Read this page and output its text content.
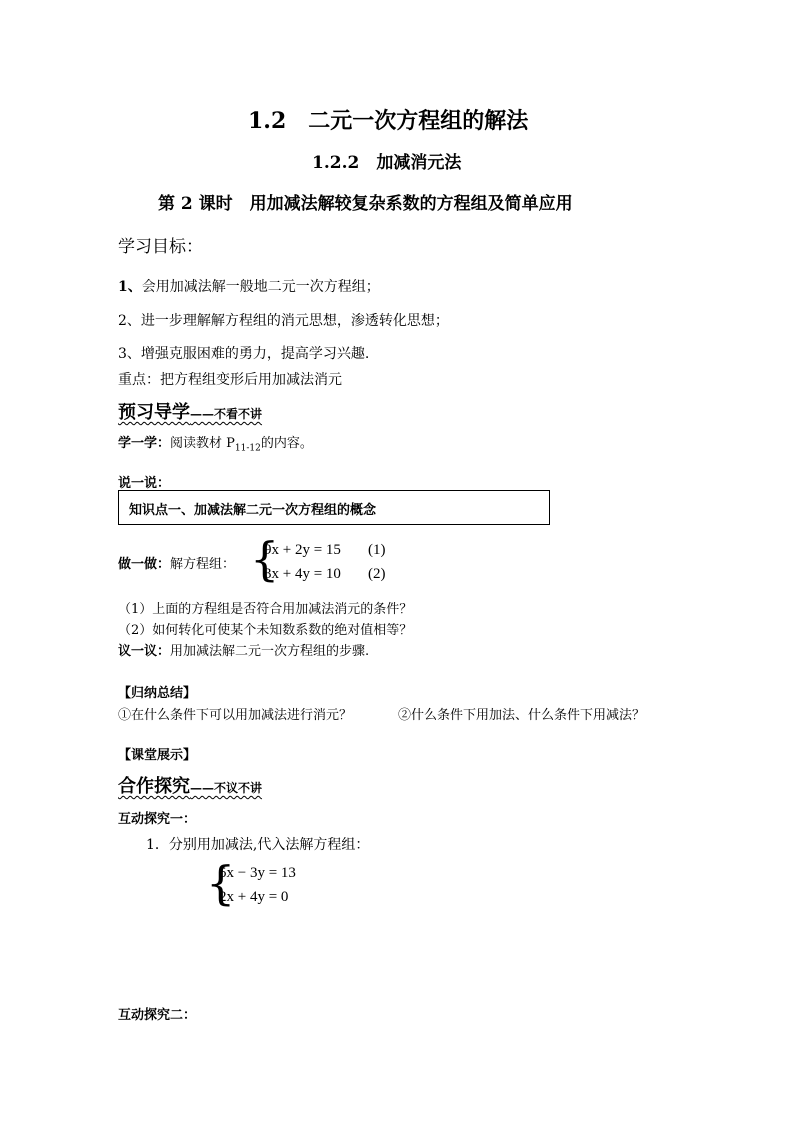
1.2　二元一次方程组的解法
1.2.2　加减消元法
第 2 课时　用加减法解较复杂系数的方程组及简单应用
学习目标：
1、会用加减法解一般地二元一次方程组；
2、进一步理解解方程组的消元思想，渗透转化思想；
3、增强克服困难的勇力，提高学习兴趣.
重点：把方程组变形后用加减法消元
预习导学——不看不讲
学一学：阅读教材 $P_{11-12}$的内容。
说一说：
知识点一、加减法解二元一次方程组的概念
做一做：解方程组： {
9x + 2y = 15 (1)
3x + 4y = 10 (2)
（1）上面的方程组是否符合用加减法消元的条件？
（2）如何转化可使某个未知数系数的绝对值相等？
议一议：用加减法解二元一次方程组的步骤.
【归纳总结】
①在什么条件下可以用加减法进行消元？	②什么条件下用加法、什么条件下用减法？
【课堂展示】
合作探究——不议不讲
互动探究一：
1．分别用加减法,代入法解方程组：
{
5x − 3y = 13
2x + 4y = 0
互动探究二：
